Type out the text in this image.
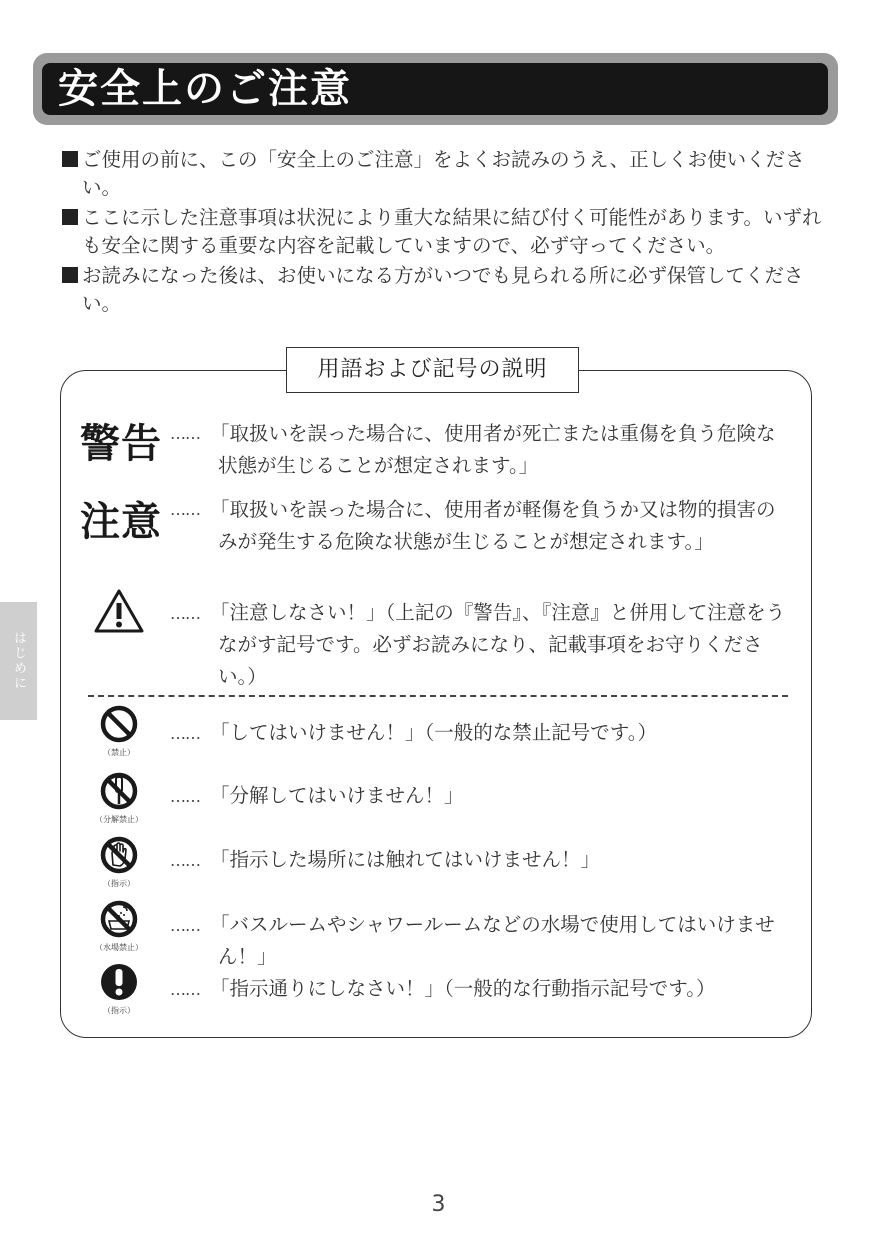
安全上のご注意

ご使用の前に、この「安全上のご注意」をよくお読みのうえ、正しくお使いください。

ここに示した注意事項は状況により重大な結果に結び付く可能性があります。いずれも安全に関する重要な内容を記載していますので、必ず守ってください。

お読みになった後は、お使いになる方がいつでも見られる所に必ず保管してください。

用語および記号の説明
警告 …… 「取扱いを誤った場合に、使用者が死亡または重傷を負う危険な状態が生じることが想定されます。」
注意 …… 「取扱いを誤った場合に、使用者が軽傷を負うか又は物的損害のみが発生する危険な状態が生じることが想定されます。」
…… 「注意しなさい！」（上記の『警告』、『注意』と併用して注意をうながす記号です。必ずお読みになり、記載事項をお守りください。）
（禁止）
…… 「してはいけません！」（一般的な禁止記号です。）
（分解禁止）
…… 「分解してはいけません！」
（指示）
…… 「指示した場所には触れてはいけません！」
（水場禁止）
…… 「バスルームやシャワールームなどの水場で使用してはいけません！」
（指示）
…… 「指示通りにしなさい！」（一般的な行動指示記号です。）
はじめに
3
